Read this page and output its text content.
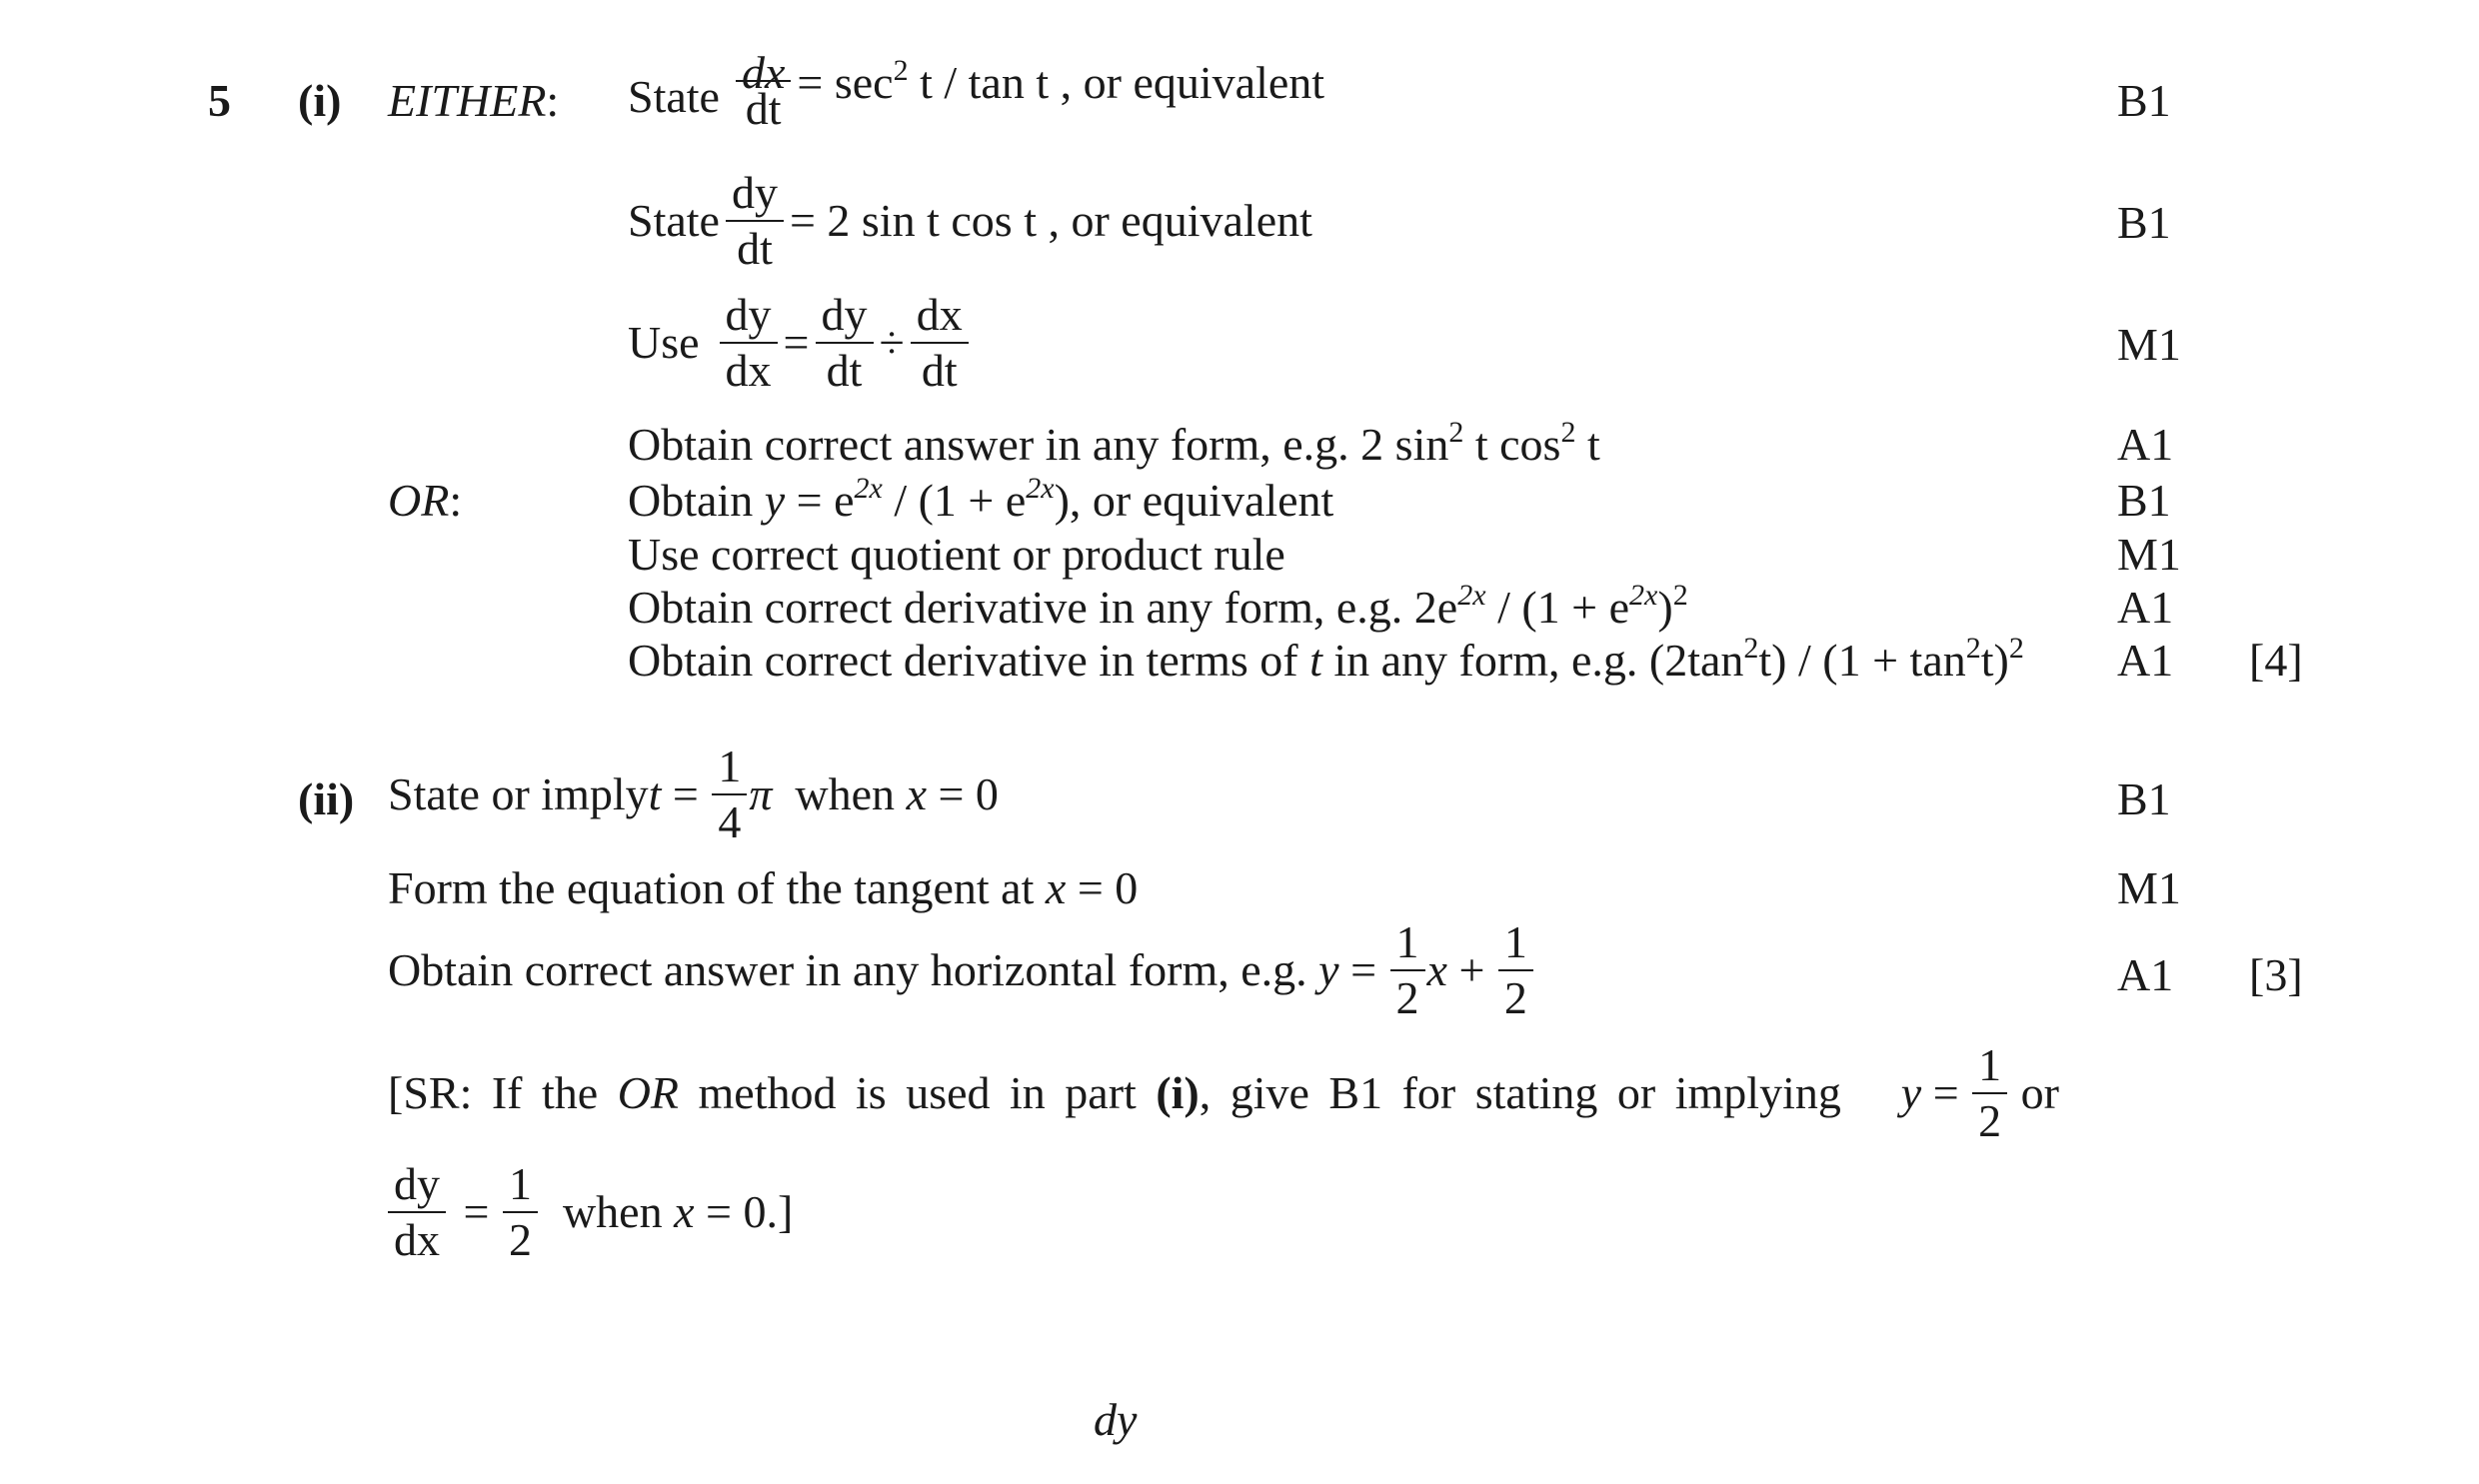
5 (i) EITHER: State $\frac{dx}{dt} = \sec^2 t / \tan t$ , or equivalent	B1
State $\frac{dy}{dt} = 2$ sin t cos t , or equivalent	B1
Use $\frac{dy}{dx} = \frac{dy}{dt} \div \frac{dx}{dt}$	M1
Obtain correct answer in any form, e.g. 2 $\sin^2 t$ $\cos^2 t$	A1
OR:	Obtain $y = e^{2x} / (1 + e^{2x})$, or equivalent	B1
Use correct quotient or product rule	M1
Obtain correct derivative in any form, e.g. $2e^{2x} / (1 + e^{2x})^2$	A1
Obtain correct derivative in terms of t in any form, e.g. $(2\tan^2t) / (1 + \tan^2t)^2$ A1 [4]
(ii) State or imply $t = \frac{1}{4}$ π when x = 0	B1
Form the equation of the tangent at x = 0	M1
Obtain correct answer in any horizontal form, e.g. $y = \frac{1}{2}$ $x + \frac{1}{2}$	A1 [3]
[SR: If the OR method is used in part (i), give B1 for stating or implying $y = \frac{1}{2}$ or
$\frac{dy}{dx} = \frac{1}{2}$ when x = 0.]
dy
